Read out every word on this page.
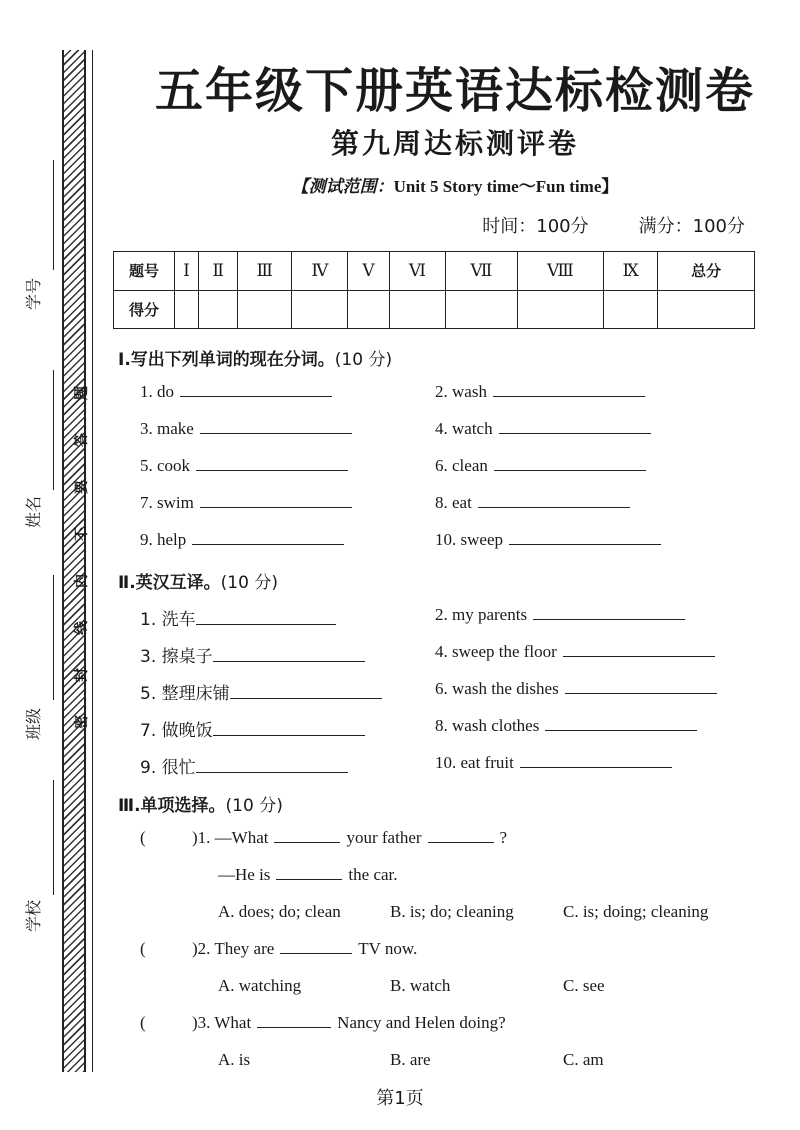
学号
姓名
班级
学校
题
答
要
不
内
线
封
密
五年级下册英语达标检测卷
第九周达标测评卷
【测试范围：Unit 5 Story time～Fun time】
时间：100分	满分：100分
题号	Ⅰ	Ⅱ	Ⅲ	Ⅳ	Ⅴ	Ⅵ	Ⅶ	Ⅷ	Ⅸ	总分
得分										
Ⅰ.写出下列单词的现在分词。(10 分)
1. do	2. wash
3. make	4. watch
5. cook	6. clean
7. swim	8. eat
9. help	10. sweep
Ⅱ.英汉互译。(10 分)
1. 洗车	2. my parents
3. 擦桌子	4. sweep the floor
5. 整理床铺	6. wash the dishes
7. 做晚饭	8. wash clothes
9. 很忙	10. eat fruit
Ⅲ.单项选择。(10 分)
(	)1. —What	your father	?
—He is	the car.
A. does; do; clean	B. is; do; cleaning	C. is; doing; cleaning
(	)2. They are	TV now.
A. watching	B. watch	C. see
(	)3. What	Nancy and Helen doing?
A. is	B. are	C. am
第1页
